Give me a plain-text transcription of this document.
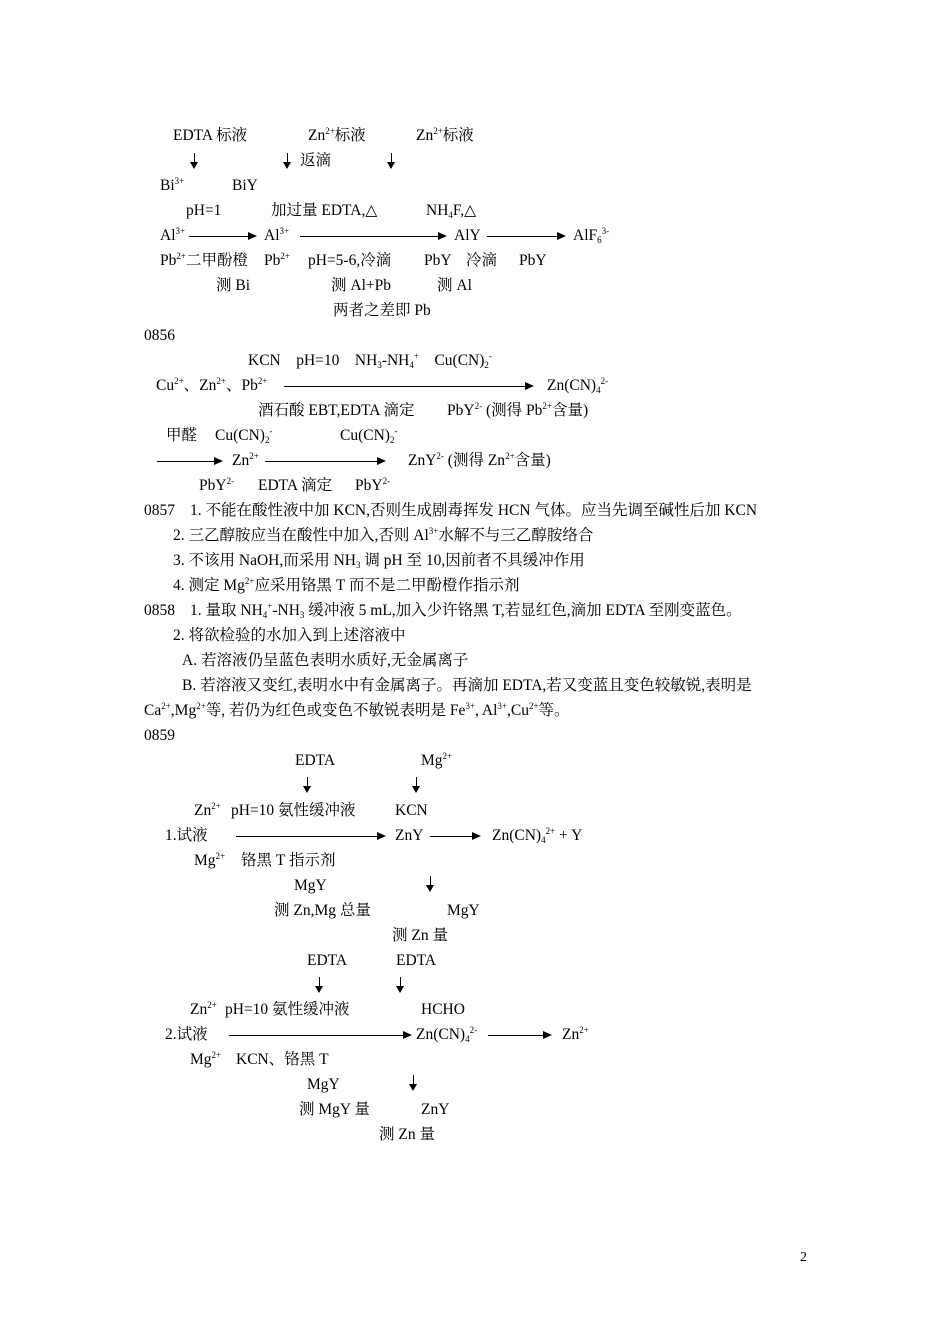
EDTA 标液	$Zn^{2+}$标液	$Zn^{2+}$标液
返滴
$Bi^{3+}$	BiY
pH=1	加过量 EDTA,△	$NH_4F,\triangle$
$Al^{3+}$	$Al^{3+}$	AlY	AlF$_6^{3-}$
$Pb^{2+}$二甲酚橙 $Pb^{2+}$ pH=5-6,冷滴 PbY 冷滴 PbY
测 Bi	测 Al+Pb	测 Al
两者之差即 Pb
0856
KCN　pH=10　$NH_3-NH_4^+$　$Cu(CN)_2^-$
$Cu^{2+}$、$Zn^{2+}$、$Pb^{2+}$	$Zn(CN)_4^{2-}$
酒石酸 EBT,EDTA 滴定 PbY$^{2-}$ (测得 $Pb^{2+}$含量)
甲醛 $Cu(CN)_2^-$	$Cu(CN)_2^-$
$Zn^{2+}$	ZnY$^{2-}$ (测得 $Zn^{2+}$含量)
PbY$^{2-}$ EDTA 滴定 PbY$^{2-}$
0857 1. 不能在酸性液中加 KCN,否则生成剧毒挥发 HCN 气体。应当先调至碱性后加 KCN
2. 三乙醇胺应当在酸性中加入,否则 $Al^{3+}$水解不与三乙醇胺络合
3. 不该用 NaOH,而采用 $NH_3$ 调 pH 至 10,因前者不具缓冲作用
4. 测定 $Mg^{2+}$应采用铬黑 T 而不是二甲酚橙作指示剂
0858 1. 量取 $NH_4^+-NH_3$ 缓冲液 5 mL,加入少许铬黑 T,若显红色,滴加 EDTA 至刚变蓝色。
2. 将欲检验的水加入到上述溶液中
A. 若溶液仍呈蓝色表明水质好,无金属离子
B. 若溶液又变红,表明水中有金属离子。再滴加 EDTA,若又变蓝且变色较敏锐,表明是
$Ca^{2+},Mg^{2+}$等, 若仍为红色或变色不敏锐表明是 $Fe^{3+}$, $Al^{3+},Cu^{2+}$等。
0859
EDTA	$Mg^{2+}$
$Zn^{2+}$ pH=10 氨性缓冲液	KCN
1.试液	ZnY	$Zn(CN)_4^{2+} + Y$
$Mg^{2+}$ 铬黑 T 指示剂
MgY
测 Zn,Mg 总量	MgY
测 Zn 量
EDTA	EDTA
$Zn^{2+}$ pH=10 氨性缓冲液	HCHO
2.试液	$Zn(CN)_4^{2-}$	$Zn^{2+}$
$Mg^{2+}$ KCN、铬黑 T
MgY
测 MgY 量	ZnY
测 Zn 量
2
